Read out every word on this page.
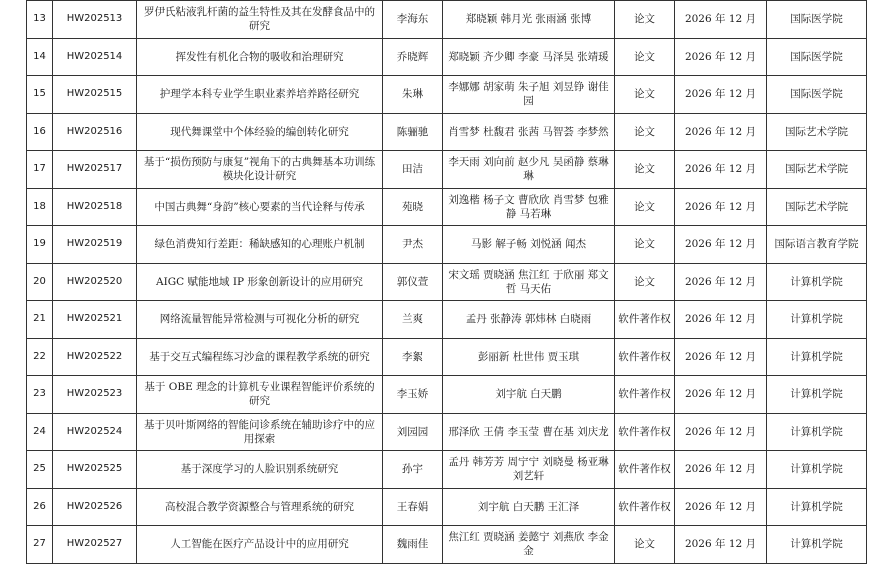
13	HW202513	罗伊氏粘液乳杆菌的益生特性及其在发酵食品中的研究	李海东	郑晓颖 韩月光 张雨涵 张博	论文	2026 年 12 月	国际医学院
14	HW202514	挥发性有机化合物的吸收和治理研究	乔晓辉	郑晓颖 齐少卿 李豪 马泽昊 张靖瑗	论文	2026 年 12 月	国际医学院
15	HW202515	护理学本科专业学生职业素养培养路径研究	朱琳	李娜娜 胡家萌 朱子旭 刘昱铮 谢佳园	论文	2026 年 12 月	国际医学院
16	HW202516	现代舞课堂中个体经验的编创转化研究	陈骊驰	肖雪梦 杜馥君 张茜 马智荟 李梦然	论文	2026 年 12 月	国际艺术学院
17	HW202517	基于“损伤预防与康复”视角下的古典舞基本功训练模块化设计研究	田洁	李天雨 刘向前 赵少凡 吴函静 蔡琳琳	论文	2026 年 12 月	国际艺术学院
18	HW202518	中国古典舞“身韵”核心要素的当代诠释与传承	苑晓	刘逸楷 杨子文 曹欣欣 肖雪梦 包雅静 马若琳	论文	2026 年 12 月	国际艺术学院
19	HW202519	绿色消费知行差距：稀缺感知的心理账户机制	尹杰	马影 解子畅 刘悦涵 闻杰	论文	2026 年 12 月	国际语言教育学院
20	HW202520	AIGC 赋能地域 IP 形象创新设计的应用研究	郭仪萱	宋文瑶 贾晓涵 焦江红 于欣丽 郑文哲 马天佑	论文	2026 年 12 月	计算机学院
21	HW202521	网络流量智能异常检测与可视化分析的研究	兰爽	孟丹 张静涛 郭炜林 白晓雨	软件著作权	2026 年 12 月	计算机学院
22	HW202522	基于交互式编程练习沙盒的课程教学系统的研究	李絮	彭丽新 杜世伟 贾玉琪	软件著作权	2026 年 12 月	计算机学院
23	HW202523	基于 OBE 理念的计算机专业课程智能评价系统的研究	李玉娇	刘宇航 白天鹏	软件著作权	2026 年 12 月	计算机学院
24	HW202524	基于贝叶斯网络的智能问诊系统在辅助诊疗中的应用探索	刘园园	邢泽欣 王倩 李玉莹 曹在基 刘庆龙	软件著作权	2026 年 12 月	计算机学院
25	HW202525	基于深度学习的人脸识别系统研究	孙宇	孟丹 韩芳芳 周宁宁 刘晓曼 杨亚琳 刘艺轩	软件著作权	2026 年 12 月	计算机学院
26	HW202526	高校混合教学资源整合与管理系统的研究	王春娟	刘宇航 白天鹏 王汇泽	软件著作权	2026 年 12 月	计算机学院
27	HW202527	人工智能在医疗产品设计中的应用研究	魏雨佳	焦江红 贾晓涵 姜懿宁 刘燕欣 李金金	论文	2026 年 12 月	计算机学院
